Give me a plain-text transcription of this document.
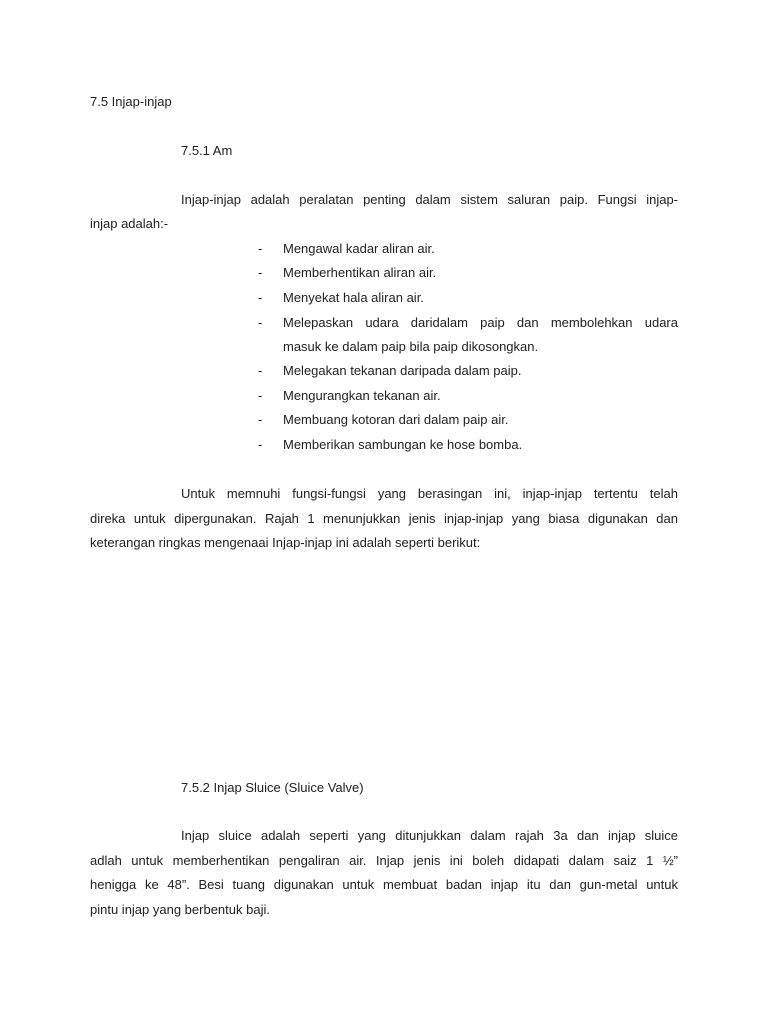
7.5 Injap-injap
7.5.1 Am
Injap-injap adalah peralatan penting dalam sistem saluran paip. Fungsi injap-
injap adalah:-
-	Mengawal kadar aliran air.
-	Memberhentikan aliran air.
-	Menyekat hala aliran air.
-	Melepaskan udara daridalam paip dan membolehkan udara
masuk ke dalam paip bila paip dikosongkan.
-	Melegakan tekanan daripada dalam paip.
-	Mengurangkan tekanan air.
-	Membuang kotoran dari dalam paip air.
-	Memberikan sambungan ke hose bomba.
Untuk memnuhi fungsi-fungsi yang berasingan ini, injap-injap tertentu telah
direka untuk dipergunakan. Rajah 1 menunjukkan jenis injap-injap yang biasa digunakan dan
keterangan ringkas mengenaai Injap-injap ini adalah seperti berikut:
7.5.2 Injap Sluice (Sluice Valve)
Injap sluice adalah seperti yang ditunjukkan dalam rajah 3a dan injap sluice
adlah untuk memberhentikan pengaliran air. Injap jenis ini boleh didapati dalam saiz 1 ½”
henigga ke 48”. Besi tuang digunakan untuk membuat badan injap itu dan gun-metal untuk
pintu injap yang berbentuk baji.
